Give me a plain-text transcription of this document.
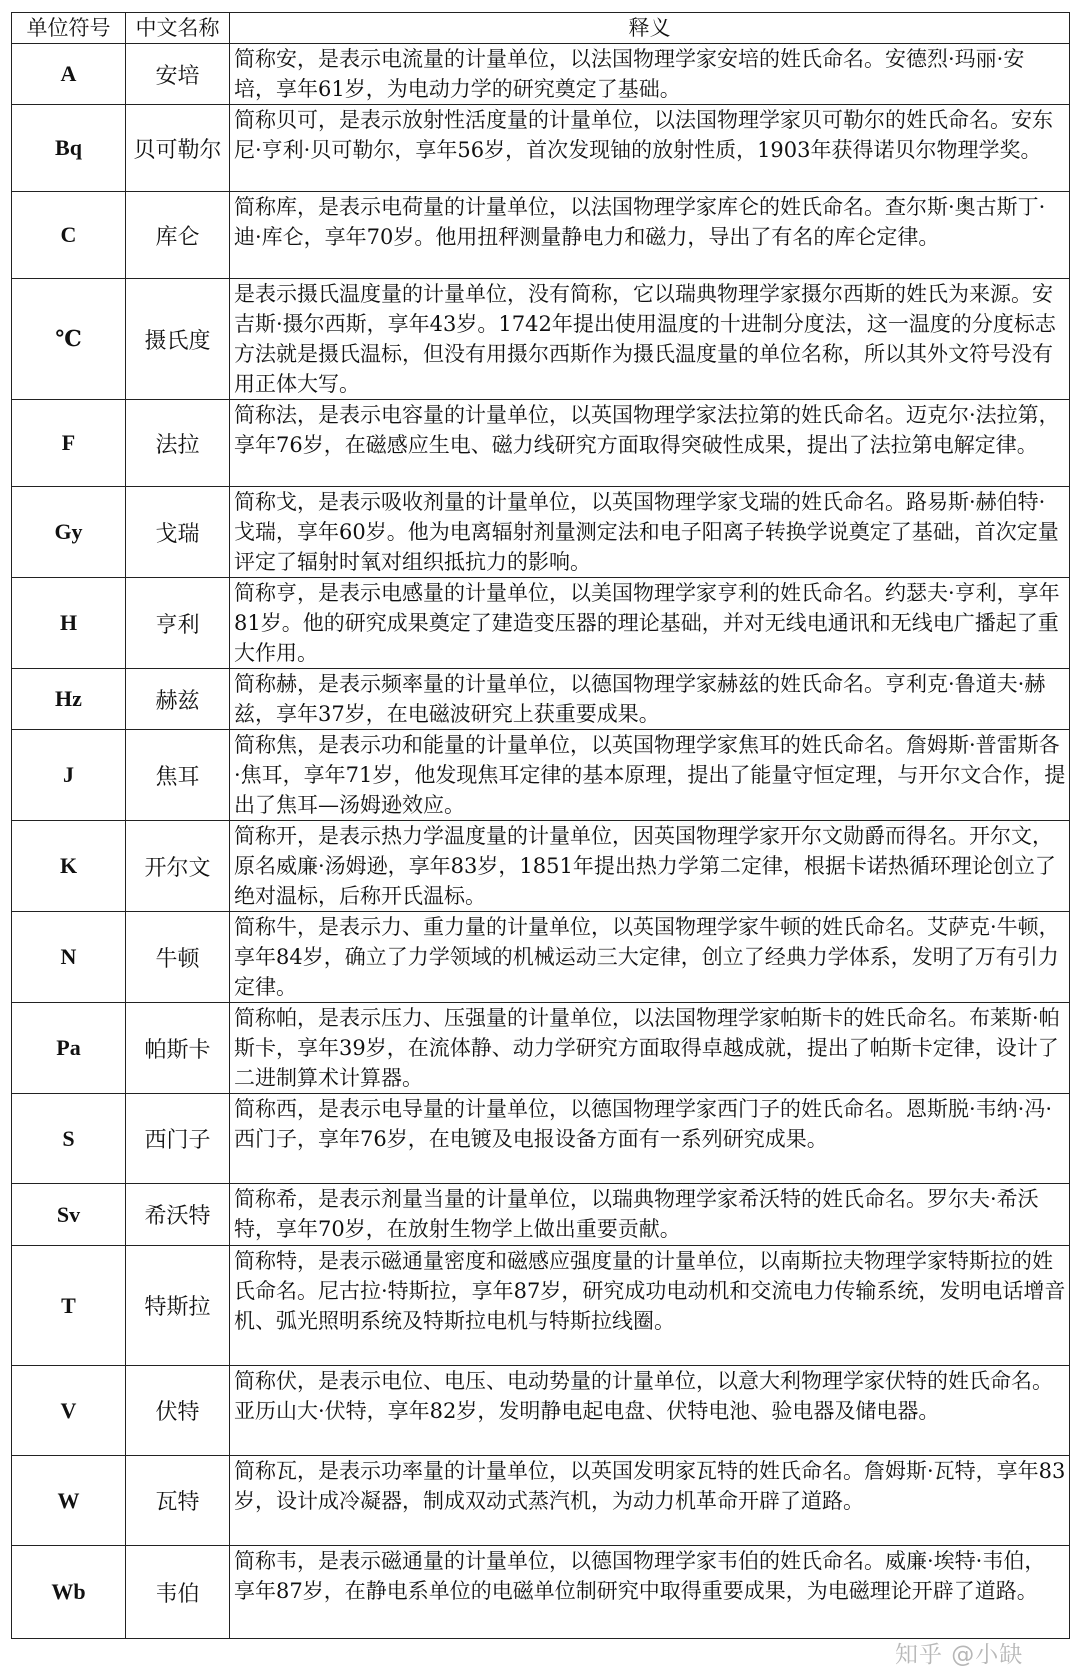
单位符号	中文名称	释义
A	安培	简称安，是表示电流量的计量单位，以法国物理学家安培的姓氏命名。安德烈·玛丽·安培，享年61岁，为电动力学的研究奠定了基础。
Bq	贝可勒尔	简称贝可，是表示放射性活度量的计量单位，以法国物理学家贝可勒尔的姓氏命名。安东尼·亨利·贝可勒尔，享年56岁，首次发现铀的放射性质，1903年获得诺贝尔物理学奖。
C	库仑	简称库，是表示电荷量的计量单位，以法国物理学家库仑的姓氏命名。查尔斯·奥古斯丁·迪·库仑，享年70岁。他用扭秤测量静电力和磁力，导出了有名的库仑定律。
℃	摄氏度	是表示摄氏温度量的计量单位，没有简称，它以瑞典物理学家摄尔西斯的姓氏为来源。安吉斯·摄尔西斯，享年43岁。1742年提出使用温度的十进制分度法，这一温度的分度标志方法就是摄氏温标，但没有用摄尔西斯作为摄氏温度量的单位名称，所以其外文符号没有用正体大写。
F	法拉	简称法，是表示电容量的计量单位，以英国物理学家法拉第的姓氏命名。迈克尔·法拉第，享年76岁，在磁感应生电、磁力线研究方面取得突破性成果，提出了法拉第电解定律。
Gy	戈瑞	简称戈，是表示吸收剂量的计量单位，以英国物理学家戈瑞的姓氏命名。路易斯·赫伯特·戈瑞，享年60岁。他为电离辐射剂量测定法和电子阳离子转换学说奠定了基础，首次定量评定了辐射时氧对组织抵抗力的影响。
H	亨利	简称亨，是表示电感量的计量单位，以美国物理学家亨利的姓氏命名。约瑟夫·亨利，享年81岁。他的研究成果奠定了建造变压器的理论基础，并对无线电通讯和无线电广播起了重大作用。
Hz	赫兹	简称赫，是表示频率量的计量单位，以德国物理学家赫兹的姓氏命名。亨利克·鲁道夫·赫兹，享年37岁，在电磁波研究上获重要成果。
J	焦耳	简称焦，是表示功和能量的计量单位，以英国物理学家焦耳的姓氏命名。詹姆斯·普雷斯各·焦耳，享年71岁，他发现焦耳定律的基本原理，提出了能量守恒定理，与开尔文合作，提出了焦耳—汤姆逊效应。
K	开尔文	简称开，是表示热力学温度量的计量单位，因英国物理学家开尔文勋爵而得名。开尔文，原名威廉·汤姆逊，享年83岁，1851年提出热力学第二定律，根据卡诺热循环理论创立了绝对温标，后称开氏温标。
N	牛顿	简称牛，是表示力、重力量的计量单位，以英国物理学家牛顿的姓氏命名。艾萨克·牛顿，享年84岁，确立了力学领域的机械运动三大定律，创立了经典力学体系，发明了万有引力定律。
Pa	帕斯卡	简称帕，是表示压力、压强量的计量单位，以法国物理学家帕斯卡的姓氏命名。布莱斯·帕斯卡，享年39岁，在流体静、动力学研究方面取得卓越成就，提出了帕斯卡定律，设计了二进制算术计算器。
S	西门子	简称西，是表示电导量的计量单位，以德国物理学家西门子的姓氏命名。恩斯脱·韦纳·冯·西门子，享年76岁，在电镀及电报设备方面有一系列研究成果。
Sv	希沃特	简称希，是表示剂量当量的计量单位，以瑞典物理学家希沃特的姓氏命名。罗尔夫·希沃特，享年70岁，在放射生物学上做出重要贡献。
T	特斯拉	简称特，是表示磁通量密度和磁感应强度量的计量单位，以南斯拉夫物理学家特斯拉的姓氏命名。尼古拉·特斯拉，享年87岁，研究成功电动机和交流电力传输系统，发明电话增音机、弧光照明系统及特斯拉电机与特斯拉线圈。
V	伏特	简称伏，是表示电位、电压、电动势量的计量单位，以意大利物理学家伏特的姓氏命名。亚历山大·伏特，享年82岁，发明静电起电盘、伏特电池、验电器及储电器。
W	瓦特	简称瓦，是表示功率量的计量单位，以英国发明家瓦特的姓氏命名。詹姆斯·瓦特，享年83岁，设计成冷凝器，制成双动式蒸汽机，为动力机革命开辟了道路。
Wb	韦伯	简称韦，是表示磁通量的计量单位，以德国物理学家韦伯的姓氏命名。威廉·埃特·韦伯，享年87岁，在静电系单位的电磁单位制研究中取得重要成果，为电磁理论开辟了道路。
知乎 @小缺
